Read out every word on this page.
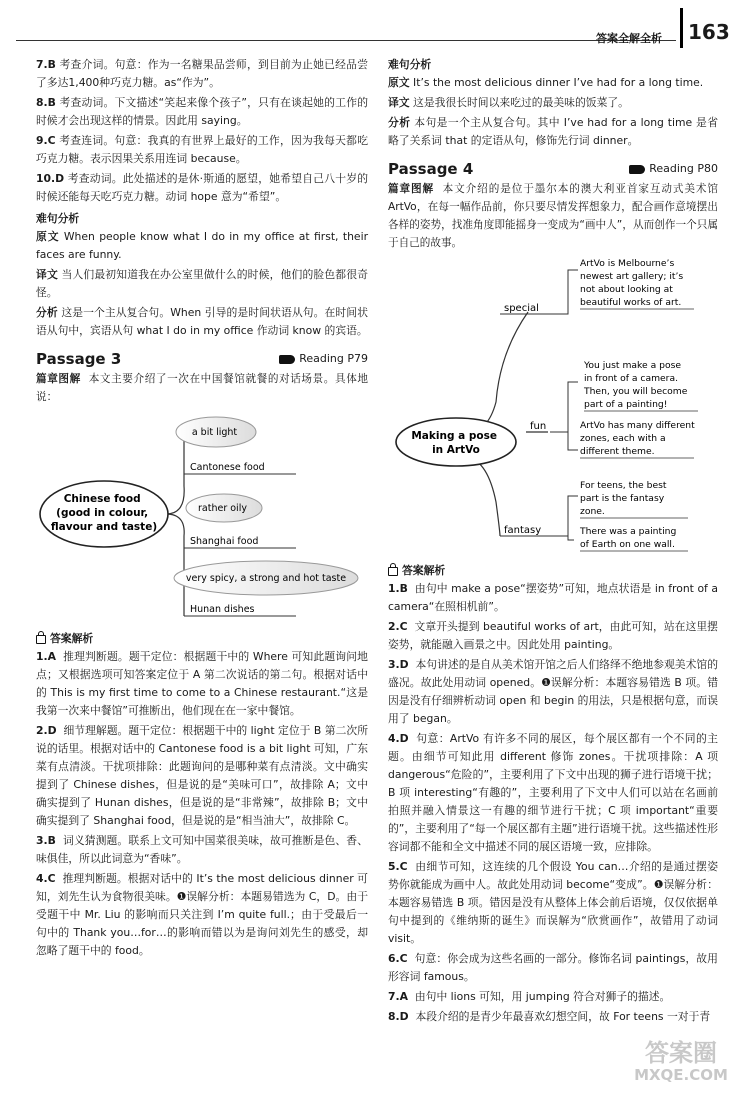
答案全解全析 163
7.B 考查介词。句意：作为一名糖果品尝师，到目前为止她已经品尝了多达1,400种巧克力糖。as“作为”。
8.B 考查动词。下文描述“笑起来像个孩子”，只有在谈起她的工作的时候才会出现这样的情景。因此用 saying。
9.C 考查连词。句意：我真的有世界上最好的工作，因为我每天都吃巧克力糖。表示因果关系用连词 because。
10.D 考查动词。此处描述的是休·斯通的愿望，她希望自己八十岁的时候还能每天吃巧克力糖。动词 hope 意为“希望”。
难句分析
原文 When people know what I do in my office at first, their faces are funny.
译文 当人们最初知道我在办公室里做什么的时候，他们的脸色都很奇怪。
分析 这是一个主从复合句。When 引导的是时间状语从句。在时间状语从句中，宾语从句 what I do in my office 作动词 know 的宾语。
Passage 3	Reading P79
篇章图解 本文主要介绍了一次在中国餐馆就餐的对话场景。具体地说：
Chinese food (good in colour, flavour and taste)
a bit light rather oily very spicy, a strong and hot taste
Cantonese food Shanghai food Hunan dishes
答案解析
1.A 推理判断题。题干定位：根据题干中的 Where 可知此题询问地点；又根据选项可知答案定位于 A 第二次说话的第二句。根据对话中的 This is my first time to come to a Chinese restaurant.“这是我第一次来中餐馆”可推断出，他们现在在一家中餐馆。
2.D 细节理解题。题干定位：根据题干中的 light 定位于 B 第二次所说的话里。根据对话中的 Cantonese food is a bit light 可知，广东菜有点清淡。干扰项排除：此题询问的是哪种菜有点清淡。文中确实提到了 Chinese dishes，但是说的是“美味可口”，故排除 A；文中确实提到了 Hunan dishes，但是说的是“非常辣”，故排除 B；文中确实提到了 Shanghai food，但是说的是“相当油大”，故排除 C。
3.B 词义猜测题。联系上文可知中国菜很美味，故可推断是色、香、味俱佳，所以此词意为“香味”。
4.C 推理判断题。根据对话中的 It’s the most delicious dinner 可知，刘先生认为食物很美味。❶误解分析：本题易错选为 C，D。由于受题干中 Mr. Liu 的影响而只关注到 I’m quite full.；由于受最后一句中的 Thank you…for…的影响而错以为是询问刘先生的感受，却忽略了题干中的 food。
难句分析
原文 It’s the most delicious dinner I’ve had for a long time.
译文 这是我很长时间以来吃过的最美味的饭菜了。
分析 本句是一个主从复合句。其中 I’ve had for a long time 是省略了关系词 that 的定语从句，修饰先行词 dinner。
Passage 4	Reading P80
篇章图解 本文介绍的是位于墨尔本的澳大利亚首家互动式美术馆 ArtVo，在每一幅作品前，你只要尽情发挥想象力，配合画作意境摆出各样的姿势，找准角度即能摇身一变成为“画中人”，从而创作一个只属于自己的故事。
special fun fantasy
Making a pose in ArtVo
ArtVo is Melbourne’s newest art gallery; it’s not about looking at beautiful works of art. You just make a pose in front of a camera. Then, you will become part of a painting! ArtVo has many different zones, each with a different theme. For teens, the best part is the fantasy zone. There was a painting of Earth on one wall.
答案解析
1.B 由句中 make a pose“摆姿势”可知，地点状语是 in front of a camera“在照相机前”。
2.C 文章开头提到 beautiful works of art，由此可知，站在这里摆姿势，就能融入画景之中。因此处用 painting。
3.D 本句讲述的是自从美术馆开馆之后人们络绎不绝地参观美术馆的盛况。故此处用动词 opened。❶误解分析：本题容易错选 B 项。错因是没有仔细辨析动词 open 和 begin 的用法，只是根据句意，而误用了 began。
4.D 句意：ArtVo 有许多不同的展区，每个展区都有一个不同的主题。由细节可知此用 different 修饰 zones。干扰项排除：A 项 dangerous“危险的”，主要利用了下文中出现的狮子进行语境干扰；B 项 interesting“有趣的”，主要利用了下文中人们可以站在名画前拍照并融入情景这一有趣的细节进行干扰；C 项 important“重要的”，主要利用了“每一个展区都有主题”进行语境干扰。这些描述性形容词都不能和全文中描述不同的展区语境一致，应排除。
5.C 由细节可知，这连续的几个假设 You can…介绍的是通过摆姿势你就能成为画中人。故此处用动词 become“变成”。❶误解分析：本题容易错选 B 项。错因是没有从整体上体会前后语境，仅仅依据单句中提到的《维纳斯的诞生》而误解为“欣赏画作”，故错用了动词 visit。
6.C 句意：你会成为这些名画的一部分。修饰名词 paintings，故用形容词 famous。
7.A 由句中 lions 可知，用 jumping 符合对狮子的描述。
8.D 本段介绍的是青少年最喜欢幻想空间，故 For teens 一对于青
答案圈
MXQE.COM
